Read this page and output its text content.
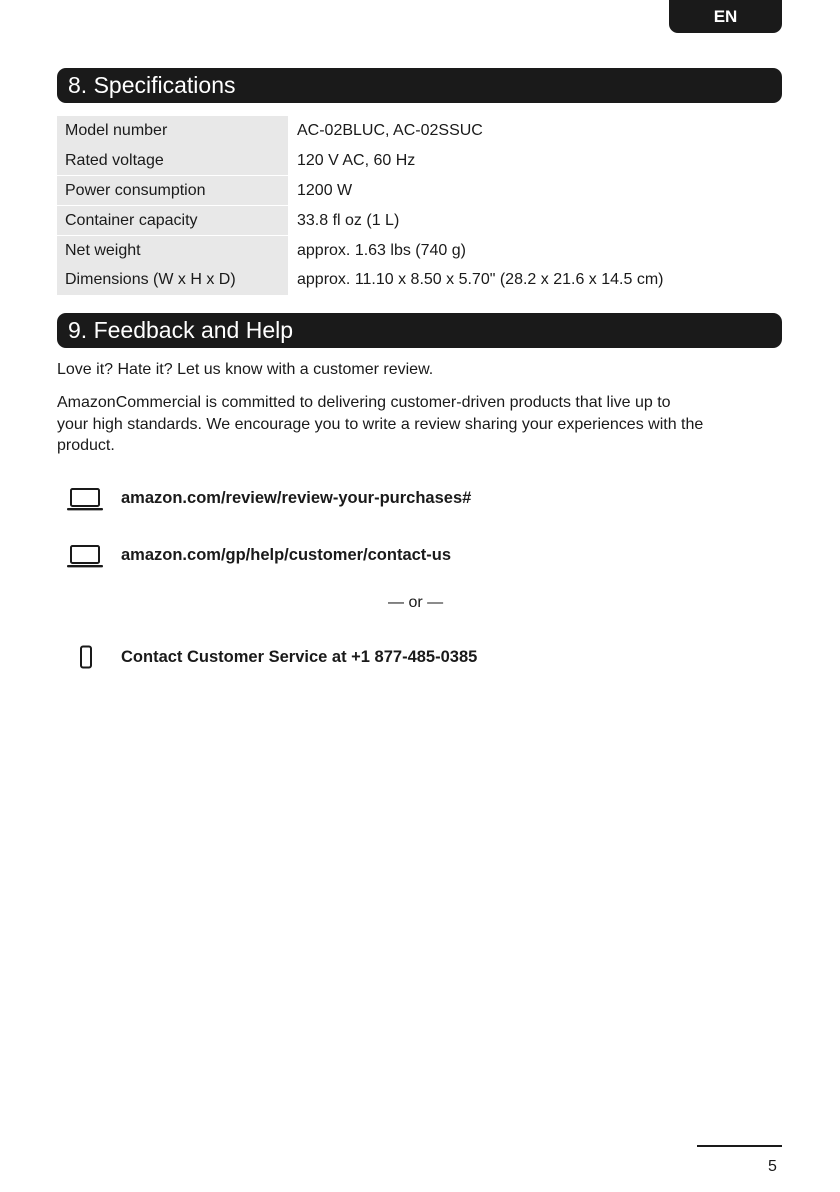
EN
8. Specifications
Model number	AC-02BLUC, AC-02SSUC
Rated voltage	120 V AC, 60 Hz
Power consumption	1200 W
Container capacity	33.8 fl oz (1 L)
Net weight	approx. 1.63 lbs (740 g)
Dimensions (W x H x D)	approx. 11.10 x 8.50 x 5.70" (28.2 x 21.6 x 14.5 cm)
9. Feedback and Help

Love it? Hate it? Let us know with a customer review.

AmazonCommercial is committed to delivering customer-driven products that live up to
your high standards. We encourage you to write a review sharing your experiences with the
product.
amazon.com/review/review-your-purchases#
amazon.com/gp/help/customer/contact-us
— or —
Contact Customer Service at +1 877-485-0385
5
